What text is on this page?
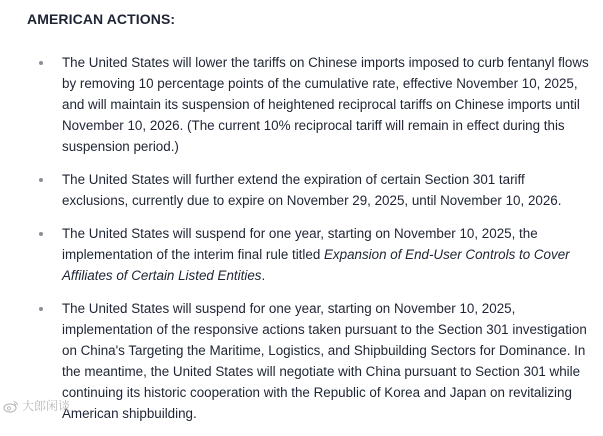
AMERICAN ACTIONS:
The United States will lower the tariffs on Chinese imports imposed to curb fentanyl flows by removing 10 percentage points of the cumulative rate, effective November 10, 2025, and will maintain its suspension of heightened reciprocal tariffs on Chinese imports until November 10, 2026. (The current 10% reciprocal tariff will remain in effect during this suspension period.)
The United States will further extend the expiration of certain Section 301 tariff exclusions, currently due to expire on November 29, 2025, until November 10, 2026.
The United States will suspend for one year, starting on November 10, 2025, the implementation of the interim final rule titled Expansion of End-User Controls to Cover Affiliates of Certain Listed Entities.
The United States will suspend for one year, starting on November 10, 2025, implementation of the responsive actions taken pursuant to the Section 301 investigation on China's Targeting the Maritime, Logistics, and Shipbuilding Sectors for Dominance. In the meantime, the United States will negotiate with China pursuant to Section 301 while continuing its historic cooperation with the Republic of Korea and Japan on revitalizing American shipbuilding.
大郎闲谈
